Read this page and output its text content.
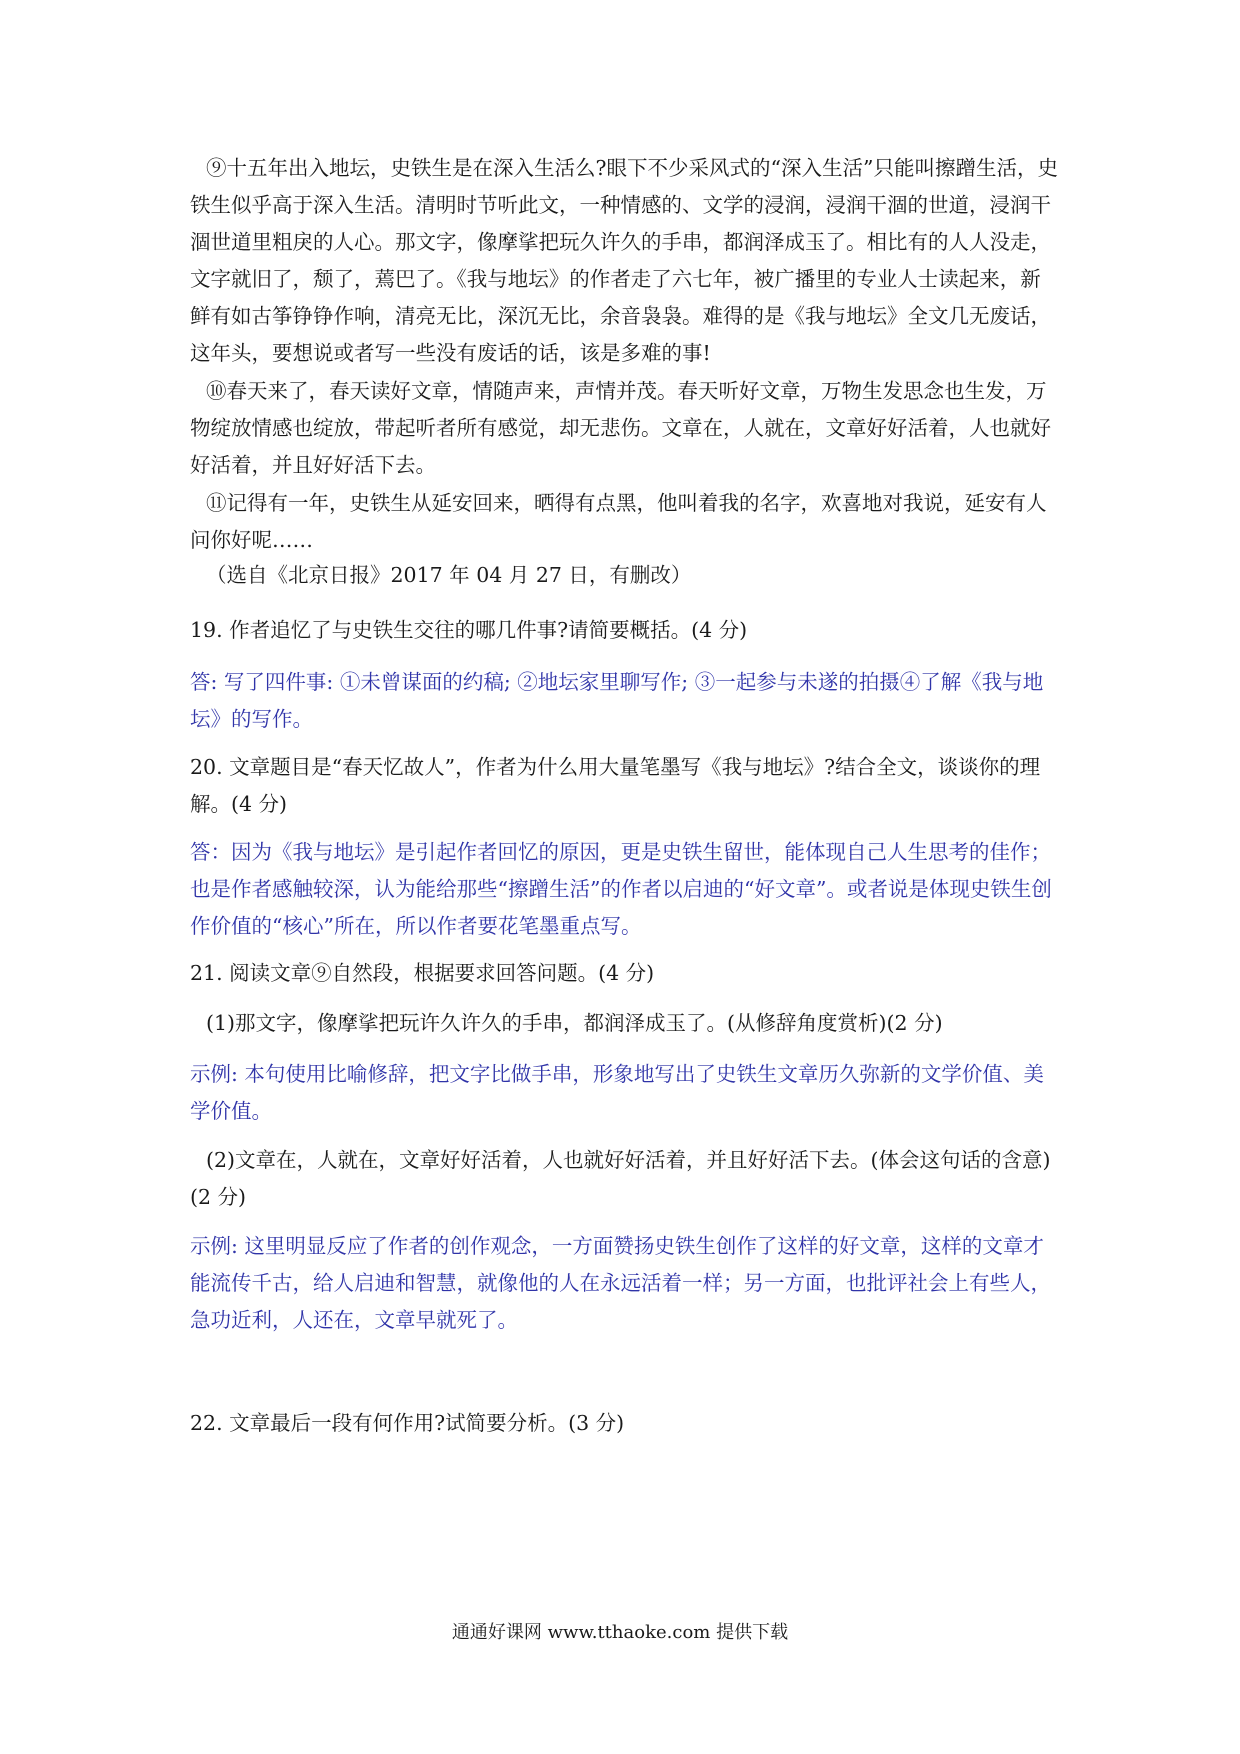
⑨十五年出入地坛，史铁生是在深入生活么?眼下不少采风式的“深入生活”只能叫擦蹭生活，史铁生似乎高于深入生活。清明时节听此文，一种情感的、文学的浸润，浸润干涸的世道，浸润干涸世道里粗戾的人心。那文字，像摩挲把玩久许久的手串，都润泽成玉了。相比有的人人没走，文字就旧了，颓了，蔫巴了。《我与地坛》的作者走了六七年，被广播里的专业人士读起来，新鲜有如古筝铮铮作响，清亮无比，深沉无比，余音袅袅。难得的是《我与地坛》全文几无废话，这年头，要想说或者写一些没有废话的话，该是多难的事!

⑩春天来了，春天读好文章，情随声来，声情并茂。春天听好文章，万物生发思念也生发，万物绽放情感也绽放，带起听者所有感觉，却无悲伤。文章在，人就在，文章好好活着，人也就好好活着，并且好好活下去。

⑪记得有一年，史铁生从延安回来，晒得有点黑，他叫着我的名字，欢喜地对我说，延安有人问你好呢……

（选自《北京日报》2017 年 04 月 27 日，有删改）

19. 作者追忆了与史铁生交往的哪几件事?请简要概括。(4 分)

答: 写了四件事: ①未曾谋面的约稿; ②地坛家里聊写作; ③一起参与未遂的拍摄④了解《我与地坛》的写作。

20. 文章题目是“春天忆故人”，作者为什么用大量笔墨写《我与地坛》?结合全文，谈谈你的理解。(4 分)

答：因为《我与地坛》是引起作者回忆的原因，更是史铁生留世，能体现自己人生思考的佳作；也是作者感触较深，认为能给那些“擦蹭生活”的作者以启迪的“好文章”。或者说是体现史铁生创作价值的“核心”所在，所以作者要花笔墨重点写。

21. 阅读文章⑨自然段，根据要求回答问题。(4 分)

(1)那文字，像摩挲把玩许久许久的手串，都润泽成玉了。(从修辞角度赏析)(2 分)

示例: 本句使用比喻修辞，把文字比做手串，形象地写出了史铁生文章历久弥新的文学价值、美学价值。

(2)文章在，人就在，文章好好活着，人也就好好活着，并且好好活下去。(体会这句话的含意)(2 分)

示例: 这里明显反应了作者的创作观念，一方面赞扬史铁生创作了这样的好文章，这样的文章才能流传千古，给人启迪和智慧，就像他的人在永远活着一样；另一方面，也批评社会上有些人，急功近利，人还在，文章早就死了。

22. 文章最后一段有何作用?试简要分析。(3 分)

通通好课网 www.tthaoke.com 提供下载
